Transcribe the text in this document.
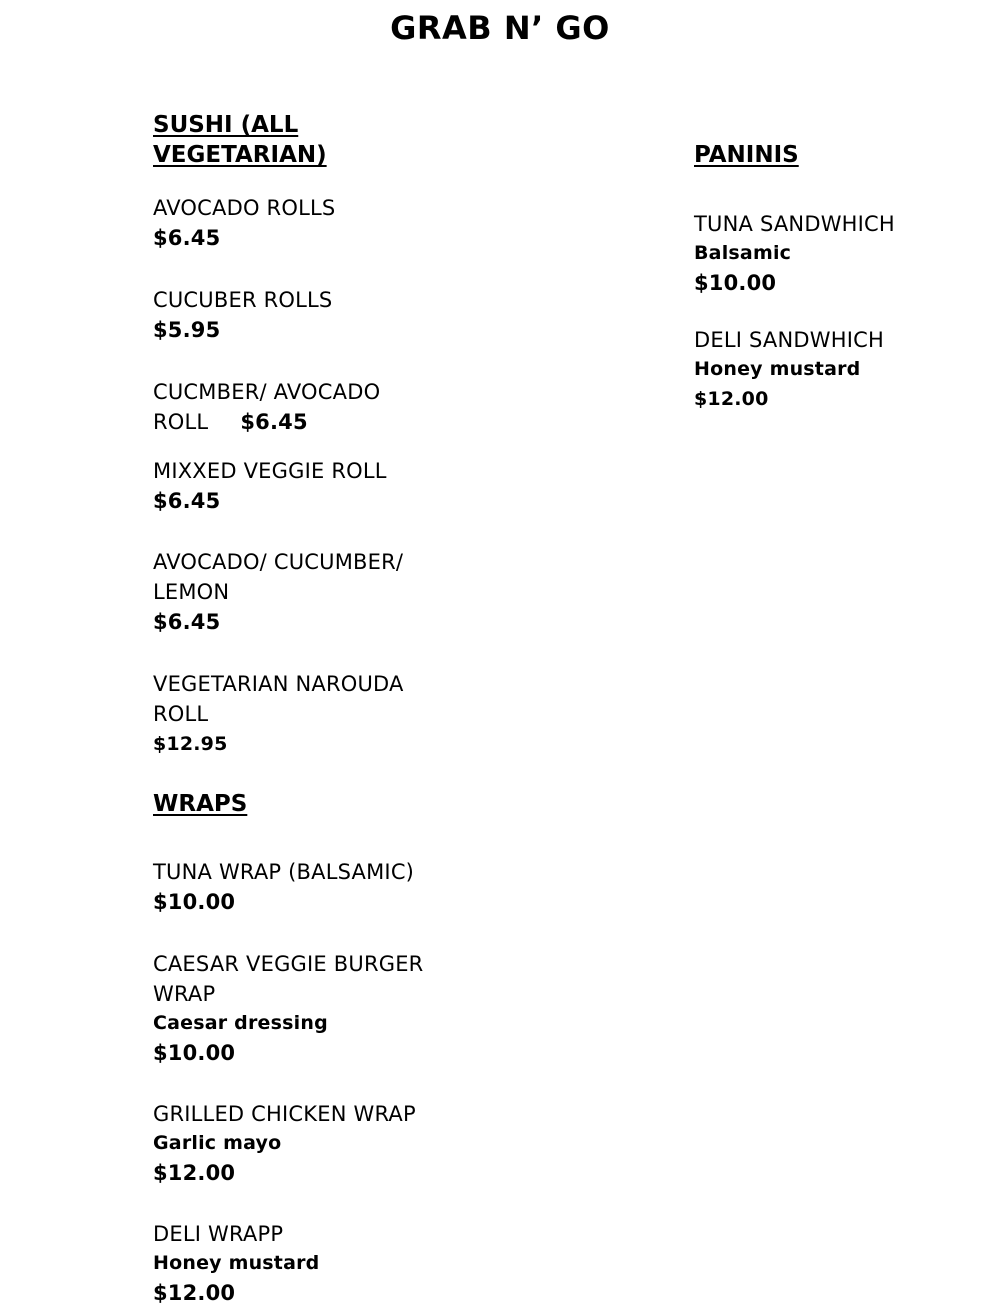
GRAB N’ GO
SUSHI (ALL
VEGETARIAN)
AVOCADO ROLLS
$6.45
CUCUBER ROLLS
$5.95
CUCMBER/ AVOCADO
ROLL $6.45
MIXXED VEGGIE ROLL
$6.45
AVOCADO/ CUCUMBER/
LEMON
$6.45
VEGETARIAN NAROUDA
ROLL
$12.95
WRAPS
TUNA WRAP (BALSAMIC)
$10.00
CAESAR VEGGIE BURGER
WRAP
Caesar dressing
$10.00
GRILLED CHICKEN WRAP
Garlic mayo
$12.00
DELI WRAPP
Honey mustard
$12.00
PANINIS
TUNA SANDWHICH
Balsamic
$10.00
DELI SANDWHICH
Honey mustard
$12.00
